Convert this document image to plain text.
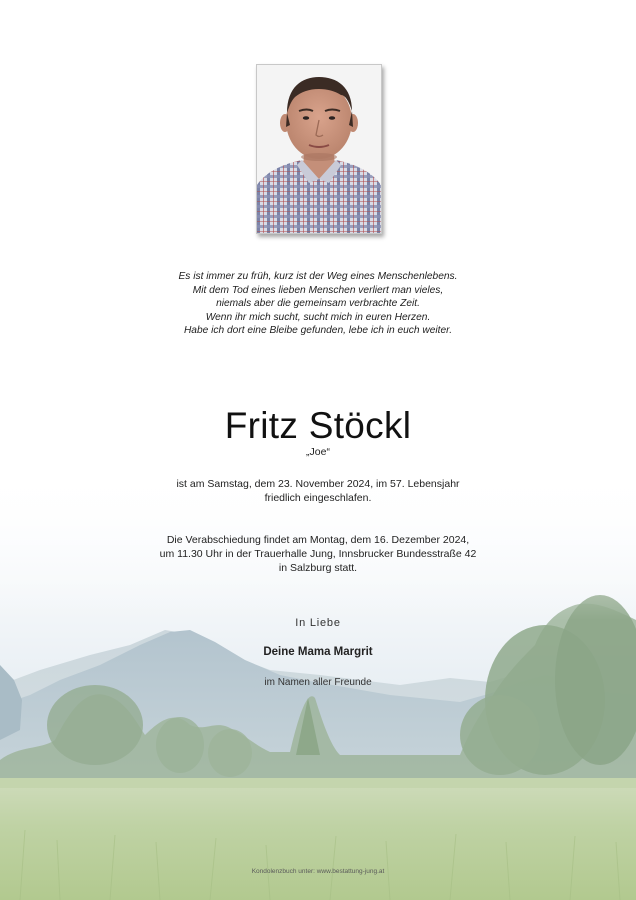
Es ist immer zu früh, kurz ist der Weg eines Menschenlebens.
Mit dem Tod eines lieben Menschen verliert man vieles,
niemals aber die gemeinsam verbrachte Zeit.
Wenn ihr mich sucht, sucht mich in euren Herzen.
Habe ich dort eine Bleibe gefunden, lebe ich in euch weiter.
Fritz Stöckl
„Joe“
ist am Samstag, dem 23. November 2024, im 57. Lebensjahr
friedlich eingeschlafen.
Die Verabschiedung findet am Montag, dem 16. Dezember 2024,
um 11.30 Uhr in der Trauerhalle Jung, Innsbrucker Bundesstraße 42
in Salzburg statt.
In Liebe
Deine Mama Margrit
im Namen aller Freunde
Kondolenzbuch unter: www.bestattung-jung.at
